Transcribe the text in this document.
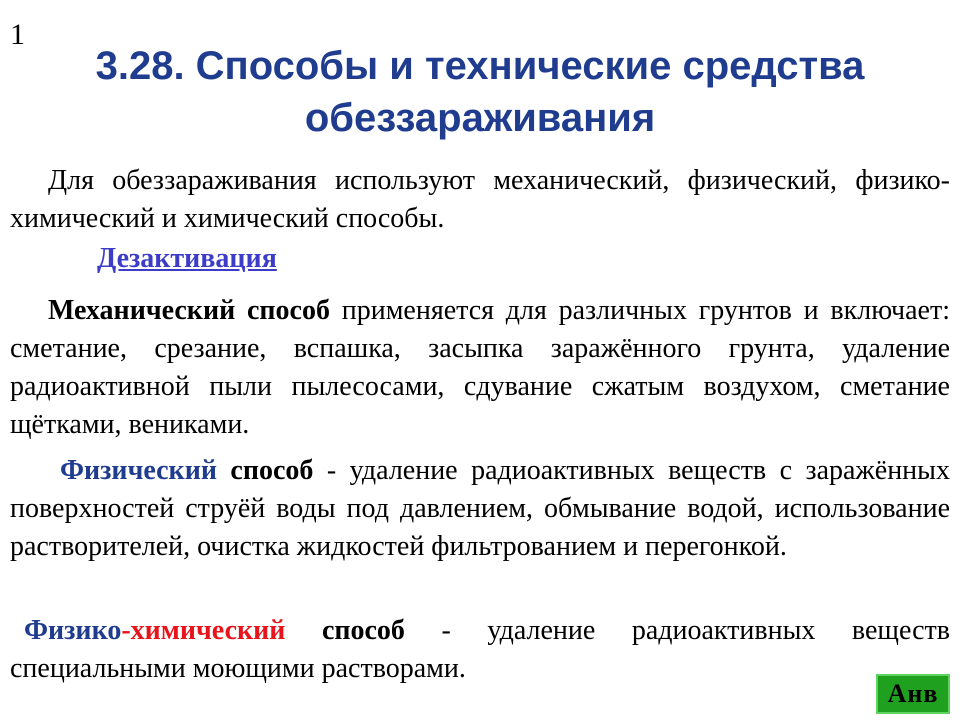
1
3.28. Способы и технические средства обеззараживания

Для обеззараживания используют механический, физический, физико-химический и химический способы.

Дезактивация

Механический способ применяется для различных грунтов и включает: сметание, срезание, вспашка, засыпка заражённого грунта, удаление радиоактивной пыли пылесосами, сдувание сжатым воздухом, сметание щётками, вениками.

Физический способ - удаление радиоактивных веществ с заражённых поверхностей струёй воды под давлением, обмывание водой, использование растворителей, очистка жидкостей фильтрованием и перегонкой.

Физико-химический способ - удаление радиоактивных веществ специальными моющими растворами.

Анв
